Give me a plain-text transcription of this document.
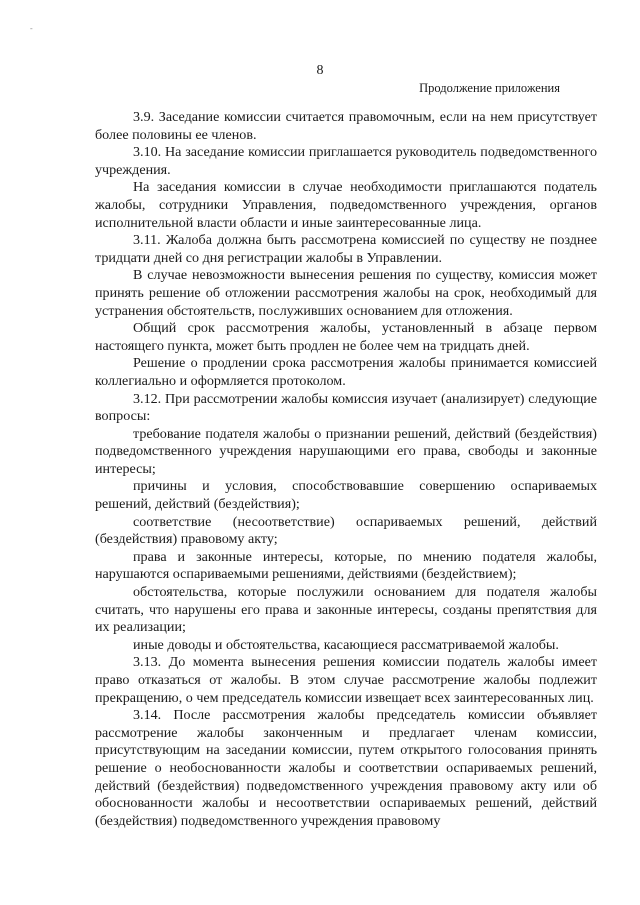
-
8
Продолжение приложения

3.9. Заседание комиссии считается правомочным, если на нем присутствует более половины ее членов.

3.10. На заседание комиссии приглашается руководитель подведомственного учреждения.

На заседания комиссии в случае необходимости приглашаются податель жалобы, сотрудники Управления, подведомственного учреждения, органов исполнительной власти области и иные заинтересованные лица.

3.11. Жалоба должна быть рассмотрена комиссией по существу не позднее тридцати дней со дня регистрации жалобы в Управлении.

В случае невозможности вынесения решения по существу, комиссия может принять решение об отложении рассмотрения жалобы на срок, необходимый для устранения обстоятельств, послуживших основанием для отложения.

Общий срок рассмотрения жалобы, установленный в абзаце первом настоящего пункта, может быть продлен не более чем на тридцать дней.

Решение о продлении срока рассмотрения жалобы принимается комиссией коллегиально и оформляется протоколом.

3.12. При рассмотрении жалобы комиссия изучает (анализирует) следующие вопросы:

требование подателя жалобы о признании решений, действий (бездействия) подведомственного учреждения нарушающими его права, свободы и законные интересы;

причины и условия, способствовавшие совершению оспариваемых решений, действий (бездействия);

соответствие (несоответствие) оспариваемых решений, действий (бездействия) правовому акту;

права и законные интересы, которые, по мнению подателя жалобы, нарушаются оспариваемыми решениями, действиями (бездействием);

обстоятельства, которые послужили основанием для подателя жалобы считать, что нарушены его права и законные интересы, созданы препятствия для их реализации;

иные доводы и обстоятельства, касающиеся рассматриваемой жалобы.

3.13. До момента вынесения решения комиссии податель жалобы имеет право отказаться от жалобы. В этом случае рассмотрение жалобы подлежит прекращению, о чем председатель комиссии извещает всех заинтересованных лиц.

3.14. После рассмотрения жалобы председатель комиссии объявляет рассмотрение жалобы законченным и предлагает членам комиссии, присутствующим на заседании комиссии, путем открытого голосования принять решение о необоснованности жалобы и соответствии оспариваемых решений, действий (бездействия) подведомственного учреждения правовому акту или об обоснованности жалобы и несоответствии оспариваемых решений, действий (бездействия) подведомственного учреждения правовому
